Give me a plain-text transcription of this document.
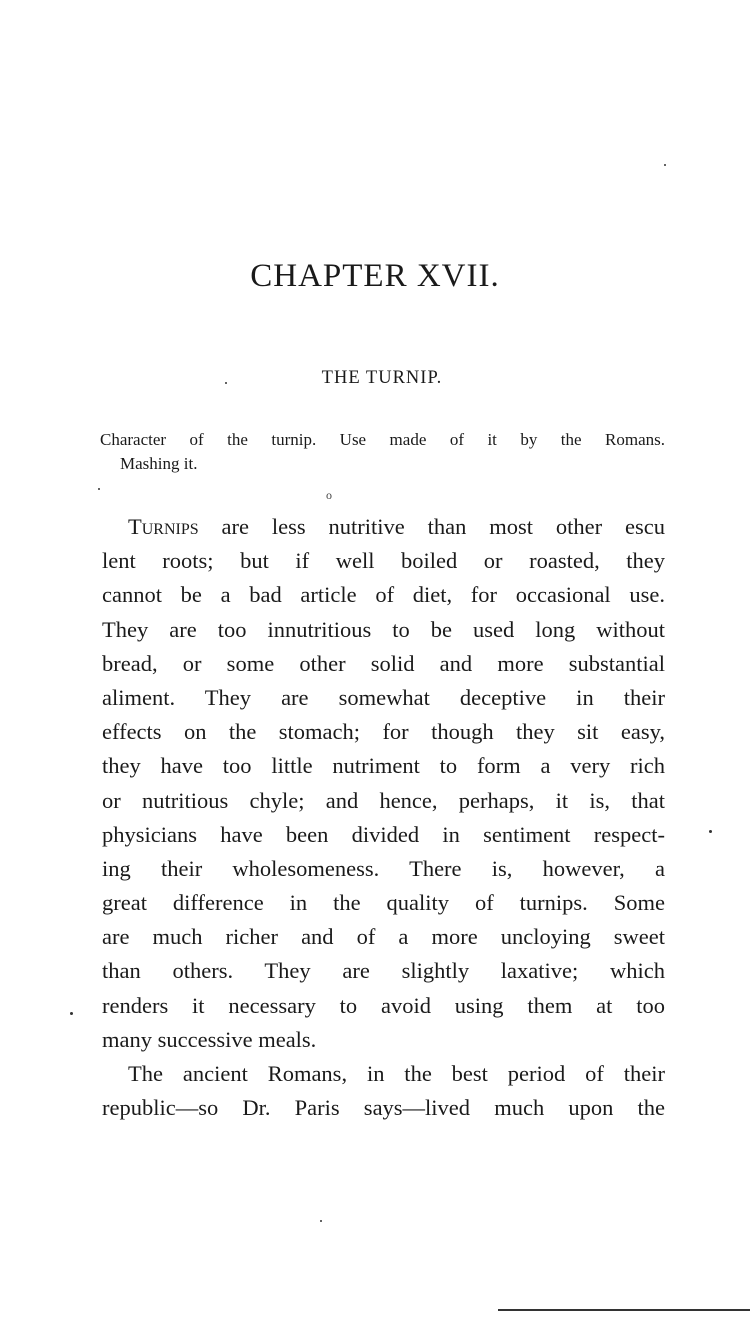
CHAPTER XVII.
THE TURNIP.
Character of the turnip. Use made of it by the Romans.
Mashing it.
o
Turnips are less nutritive than most other escu
lent roots; but if well boiled or roasted, they
cannot be a bad article of diet, for occasional use.
They are too innutritious to be used long without
bread, or some other solid and more substantial
aliment. They are somewhat deceptive in their
effects on the stomach; for though they sit easy,
they have too little nutriment to form a very rich
or nutritious chyle; and hence, perhaps, it is, that
physicians have been divided in sentiment respect-
ing their wholesomeness. There is, however, a
great difference in the quality of turnips. Some
are much richer and of a more uncloying sweet
than others. They are slightly laxative; which
renders it necessary to avoid using them at too
many successive meals.
The ancient Romans, in the best period of their
republic—so Dr. Paris says—lived much upon the
